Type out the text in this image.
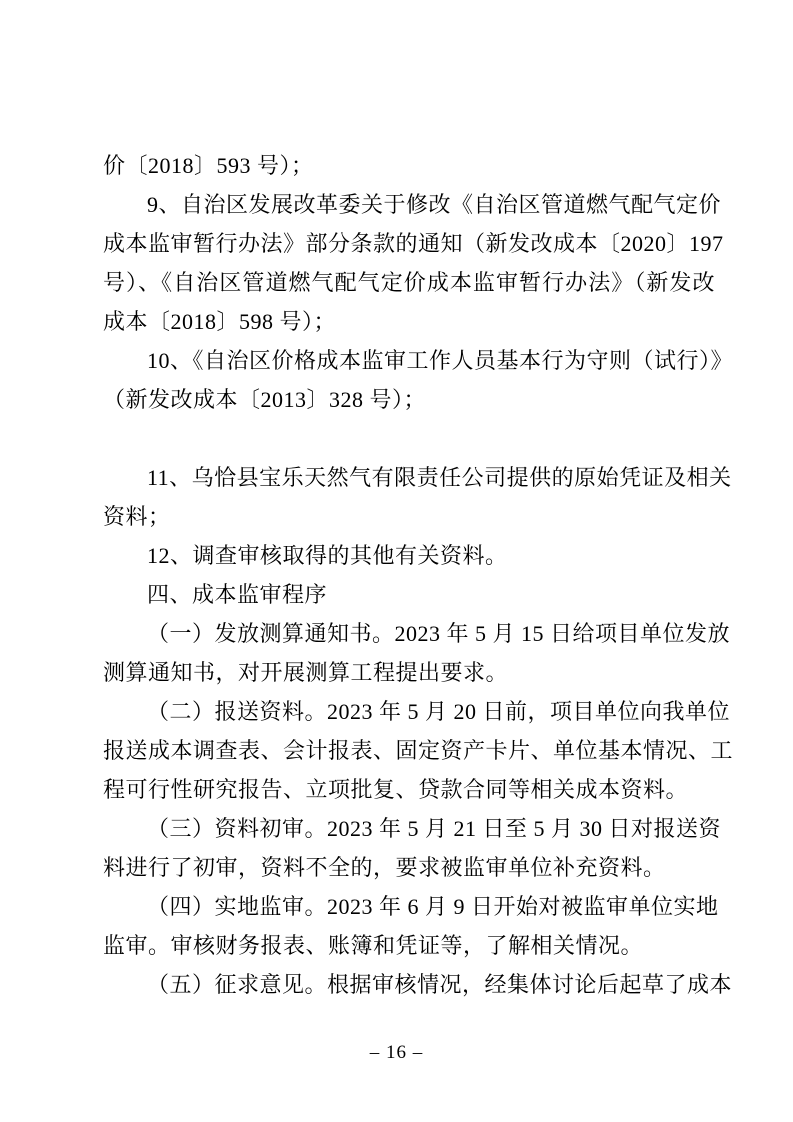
价〔2018〕593 号）；
9、自治区发展改革委关于修改《自治区管道燃气配气定价
成本监审暂行办法》部分条款的通知（新发改成本〔2020〕197
号）、《自治区管道燃气配气定价成本监审暂行办法》（新发改
成本〔2018〕598 号）；
10、《自治区价格成本监审工作人员基本行为守则（试行）》
（新发改成本〔2013〕328 号）；
11、乌恰县宝乐天然气有限责任公司提供的原始凭证及相关
资料；
12、调查审核取得的其他有关资料。
四、成本监审程序
（一）发放测算通知书。2023 年 5 月 15 日给项目单位发放
测算通知书，对开展测算工程提出要求。
（二）报送资料。2023 年 5 月 20 日前，项目单位向我单位
报送成本调查表、会计报表、固定资产卡片、单位基本情况、工
程可行性研究报告、立项批复、贷款合同等相关成本资料。
（三）资料初审。2023 年 5 月 21 日至 5 月 30 日对报送资
料进行了初审，资料不全的，要求被监审单位补充资料。
（四）实地监审。2023 年 6 月 9 日开始对被监审单位实地
监审。审核财务报表、账簿和凭证等，了解相关情况。
（五）征求意见。根据审核情况，经集体讨论后起草了成本
– 16 –
